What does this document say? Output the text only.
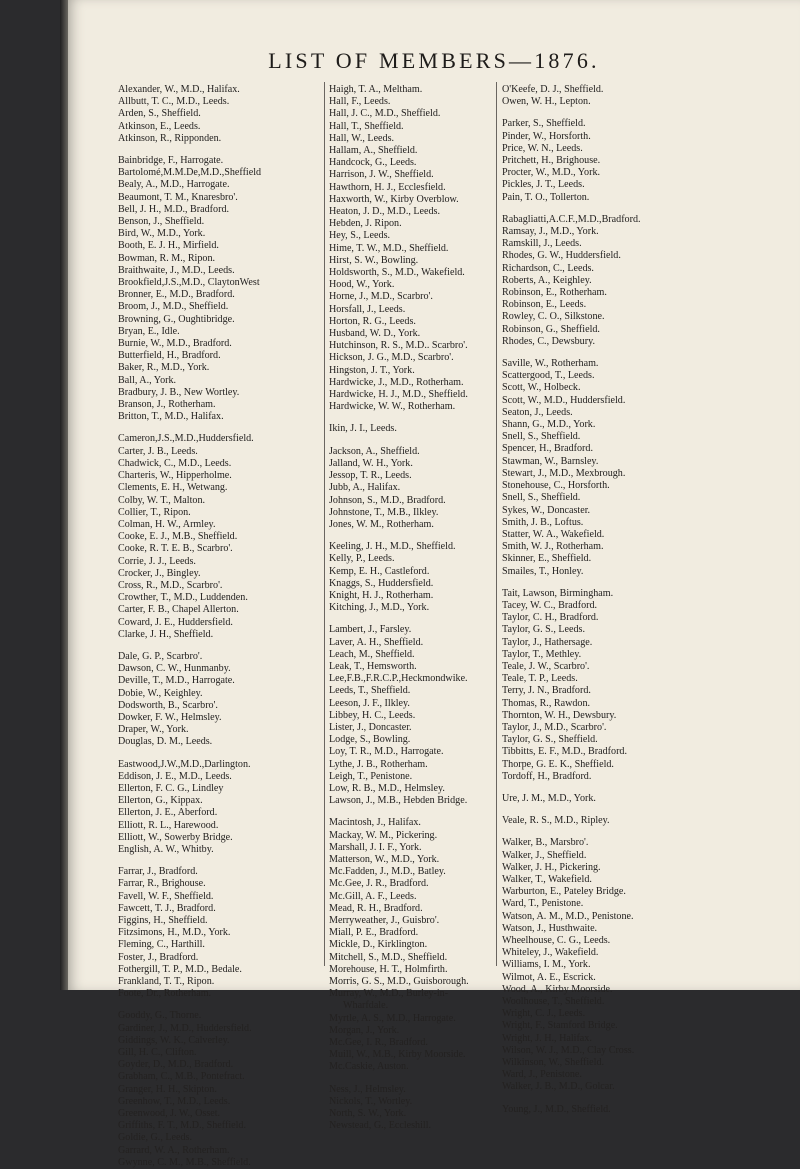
LIST OF MEMBERS—1876.
Alexander, W., M.D., Halifax.
Allbutt, T. C., M.D., Leeds.
Arden, S., Sheffield.
Atkinson, E., Leeds.
Atkinson, R., Ripponden.
Bainbridge, F., Harrogate.
Bartolomé,M.M.De,M.D.,Sheffield
Bealy, A., M.D., Harrogate.
Beaumont, T. M., Knaresbro'.
Bell, J. H., M.D., Bradford.
Benson, J., Sheffield.
Bird, W., M.D., York.
Booth, E. J. H., Mirfield.
Bowman, R. M., Ripon.
Braithwaite, J., M.D., Leeds.
Brookfield,J.S.,M.D., ClaytonWest
Bronner, E., M.D., Bradford.
Broom, J., M.D., Sheffield.
Browning, G., Oughtibridge.
Bryan, E., Idle.
Burnie, W., M.D., Bradford.
Butterfield, H., Bradford.
Baker, R., M.D., York.
Ball, A., York.
Bradbury, J. B., New Wortley.
Branson, J., Rotherham.
Britton, T., M.D., Halifax.
Cameron,J.S.,M.D.,Huddersfield.
Carter, J. B., Leeds.
Chadwick, C., M.D., Leeds.
Charteris, W., Hipperholme.
Clements, E. H., Wetwang.
Colby, W. T., Malton.
Collier, T., Ripon.
Colman, H. W., Armley.
Cooke, E. J., M.B., Sheffield.
Cooke, R. T. E. B., Scarbro'.
Corrie, J. J., Leeds.
Crocker, J., Bingley.
Cross, R., M.D., Scarbro'.
Crowther, T., M.D., Luddenden.
Carter, F. B., Chapel Allerton.
Coward, J. E., Huddersfield.
Clarke, J. H., Sheffield.
Dale, G. P., Scarbro'.
Dawson, C. W., Hunmanby.
Deville, T., M.D., Harrogate.
Dobie, W., Keighley.
Dodsworth, B., Scarbro'.
Dowker, F. W., Helmsley.
Draper, W., York.
Douglas, D. M., Leeds.
Eastwood,J.W.,M.D.,Darlington.
Eddison, J. E., M.D., Leeds.
Ellerton, F. C. G., Lindley
Ellerton, G., Kippax.
Ellerton, J. E., Aberford.
Elliott, R. L., Harewood.
Elliott, W., Sowerby Bridge.
English, A. W., Whitby.
Farrar, J., Bradford.
Farrar, R., Brighouse.
Favell, W. F., Sheffield.
Fawcett, T. J., Bradford.
Figgins, H., Sheffield.
Fitzsimons, H., M.D., York.
Fleming, C., Harthill.
Foster, J., Bradford.
Fothergill, T. P., M.D., Bedale.
Frankland, T. T., Ripon.
Foote, Dr., Rotherham.
Gooddy, G., Thorne.
Gardiner, J., M.D., Huddersfield.
Giddings, W. K., Calverley.
Gill, H. C., Clifton.
Goyder, D., M.D., Bradford.
Grabham, C., M.B., Pontefract.
Granger, H. H., Skipton.
Greenhow, T., M.D., Leeds.
Greenwood, J. W., Osset.
Griffiths, F. T., M.D., Sheffield.
Goldie, G., Leeds.
Garrard, W. A., Rotherham.
Gwynne, C. M., M.B., Sheffield.
Haigh, T. A., Meltham.
Hall, F., Leeds.
Hall, J. C., M.D., Sheffield.
Hall, T., Sheffield.
Hall, W., Leeds.
Hallam, A., Sheffield.
Handcock, G., Leeds.
Harrison, J. W., Sheffield.
Hawthorn, H. J., Ecclesfield.
Haxworth, W., Kirby Overblow.
Heaton, J. D., M.D., Leeds.
Hebden, J. Ripon.
Hey, S., Leeds.
Hime, T. W., M.D., Sheffield.
Hirst, S. W., Bowling.
Holdsworth, S., M.D., Wakefield.
Hood, W., York.
Horne, J., M.D., Scarbro'.
Horsfall, J., Leeds.
Horton, R. G., Leeds.
Husband, W. D., York.
Hutchinson, R. S., M.D.. Scarbro'.
Hickson, J. G., M.D., Scarbro'.
Hingston, J. T., York.
Hardwicke, J., M.D., Rotherham.
Hardwicke, H. J., M.D., Sheffield.
Hardwicke, W. W., Rotherham.
Ikin, J. I., Leeds.
Jackson, A., Sheffield.
Jalland, W. H., York.
Jessop, T. R., Leeds.
Jubb, A., Halifax.
Johnson, S., M.D., Bradford.
Johnstone, T., M.B., Ilkley.
Jones, W. M., Rotherham.
Keeling, J. H., M.D., Sheffield.
Kelly, P., Leeds.
Kemp, E. H., Castleford.
Knaggs, S., Huddersfield.
Knight, H. J., Rotherham.
Kitching, J., M.D., York.
Lambert, J., Farsley.
Laver, A. H., Sheffield.
Leach, M., Sheffield.
Leak, T., Hemsworth.
Lee,F.B.,F.R.C.P.,Heckmondwike.
Leeds, T., Sheffield.
Leeson, J. F., Ilkley.
Libbey, H. C., Leeds.
Lister, J., Doncaster.
Lodge, S., Bowling.
Loy, T. R., M.D., Harrogate.
Lythe, J. B., Rotherham.
Leigh, T., Penistone.
Low, R. B., M.D., Helmsley.
Lawson, J., M.B., Hebden Bridge.
Macintosh, J., Halifax.
Mackay, W. M., Pickering.
Marshall, J. I. F., York.
Matterson, W., M.D., York.
Mc.Fadden, J., M.D., Batley.
Mc.Gee, J. R., Bradford.
Mc.Gill, A. F., Leeds.
Mead, R. H., Bradford.
Merryweather, J., Guisbro'.
Miall, P. E., Bradford.
Mickle, D., Kirklington.
Mitchell, S., M.D., Sheffield.
Morehouse, H. T., Holmfirth.
Morris, G. S., M.D., Guisborough.
Murray, W., M.D., Burley-in-
Wharfdale.
Myrtle, A. S., M.D., Harrogate.
Morgan, J., York.
Mc.Gee, I. R., Bradford.
Muill, W., M.B., Kirby Moorside.
Mc.Caskie, Auston.
Ness, J., Helmsley.
Nickols, T., Wortley.
North, S. W., York.
Newstead, G., Eccleshill.
O'Keefe, D. J., Sheffield.
Owen, W. H., Lepton.
Parker, S., Sheffield.
Pinder, W., Horsforth.
Price, W. N., Leeds.
Pritchett, H., Brighouse.
Procter, W., M.D., York.
Pickles, J. T., Leeds.
Pain, T. O., Tollerton.
Rabagliatti,A.C.F.,M.D.,Bradford.
Ramsay, J., M.D., York.
Ramskill, J., Leeds.
Rhodes, G. W., Huddersfield.
Richardson, C., Leeds.
Roberts, A., Keighley.
Robinson, E., Rotherham.
Robinson, E., Leeds.
Rowley, C. O., Silkstone.
Robinson, G., Sheffield.
Rhodes, C., Dewsbury.
Saville, W., Rotherham.
Scattergood, T., Leeds.
Scott, W., Holbeck.
Scott, W., M.D., Huddersfield.
Seaton, J., Leeds.
Shann, G., M.D., York.
Snell, S., Sheffield.
Spencer, H., Bradford.
Stawman, W., Barnsley.
Stewart, J., M.D., Mexbrough.
Stonehouse, C., Horsforth.
Snell, S., Sheffield.
Sykes, W., Doncaster.
Smith, J. B., Loftus.
Statter, W. A., Wakefield.
Smith, W. J., Rotherham.
Skinner, E., Sheffield.
Smailes, T., Honley.
Tait, Lawson, Birmingham.
Tacey, W. C., Bradford.
Taylor, C. H., Bradford.
Taylor, G. S., Leeds.
Taylor, J., Hathersage.
Taylor, T., Methley.
Teale, J. W., Scarbro'.
Teale, T. P., Leeds.
Terry, J. N., Bradford.
Thomas, R., Rawdon.
Thornton, W. H., Dewsbury.
Taylor, J., M.D., Scarbro'.
Taylor, G. S., Sheffield.
Tibbitts, E. F., M.D., Bradford.
Thorpe, G. E. K., Sheffield.
Tordoff, H., Bradford.
Ure, J. M., M.D., York.
Veale, R. S., M.D., Ripley.
Walker, B., Marsbro'.
Walker, J., Sheffield.
Walker, J. H., Pickering.
Walker, T., Wakefield.
Warburton, E., Pateley Bridge.
Ward, T., Penistone.
Watson, A. M., M.D., Penistone.
Watson, J., Husthwaite.
Wheelhouse, C. G., Leeds.
Whiteley, J., Wakefield.
Williams, I. M., York.
Wilmot, A. E., Escrick.
Wood, A., Kirby Moorside.
Woolhouse, T., Sheffield.
Wright, C. J., Leeds.
Wright, F., Stamford Bridge.
Wright, J. H., Halifax.
Wilson, W. J., M.D., Clay Cross.
Wilkinson, W., Sheffield.
Ward, J., Penistone.
Walker, J. B., M.D., Golcar.
Young, J., M.D., Sheffield.
